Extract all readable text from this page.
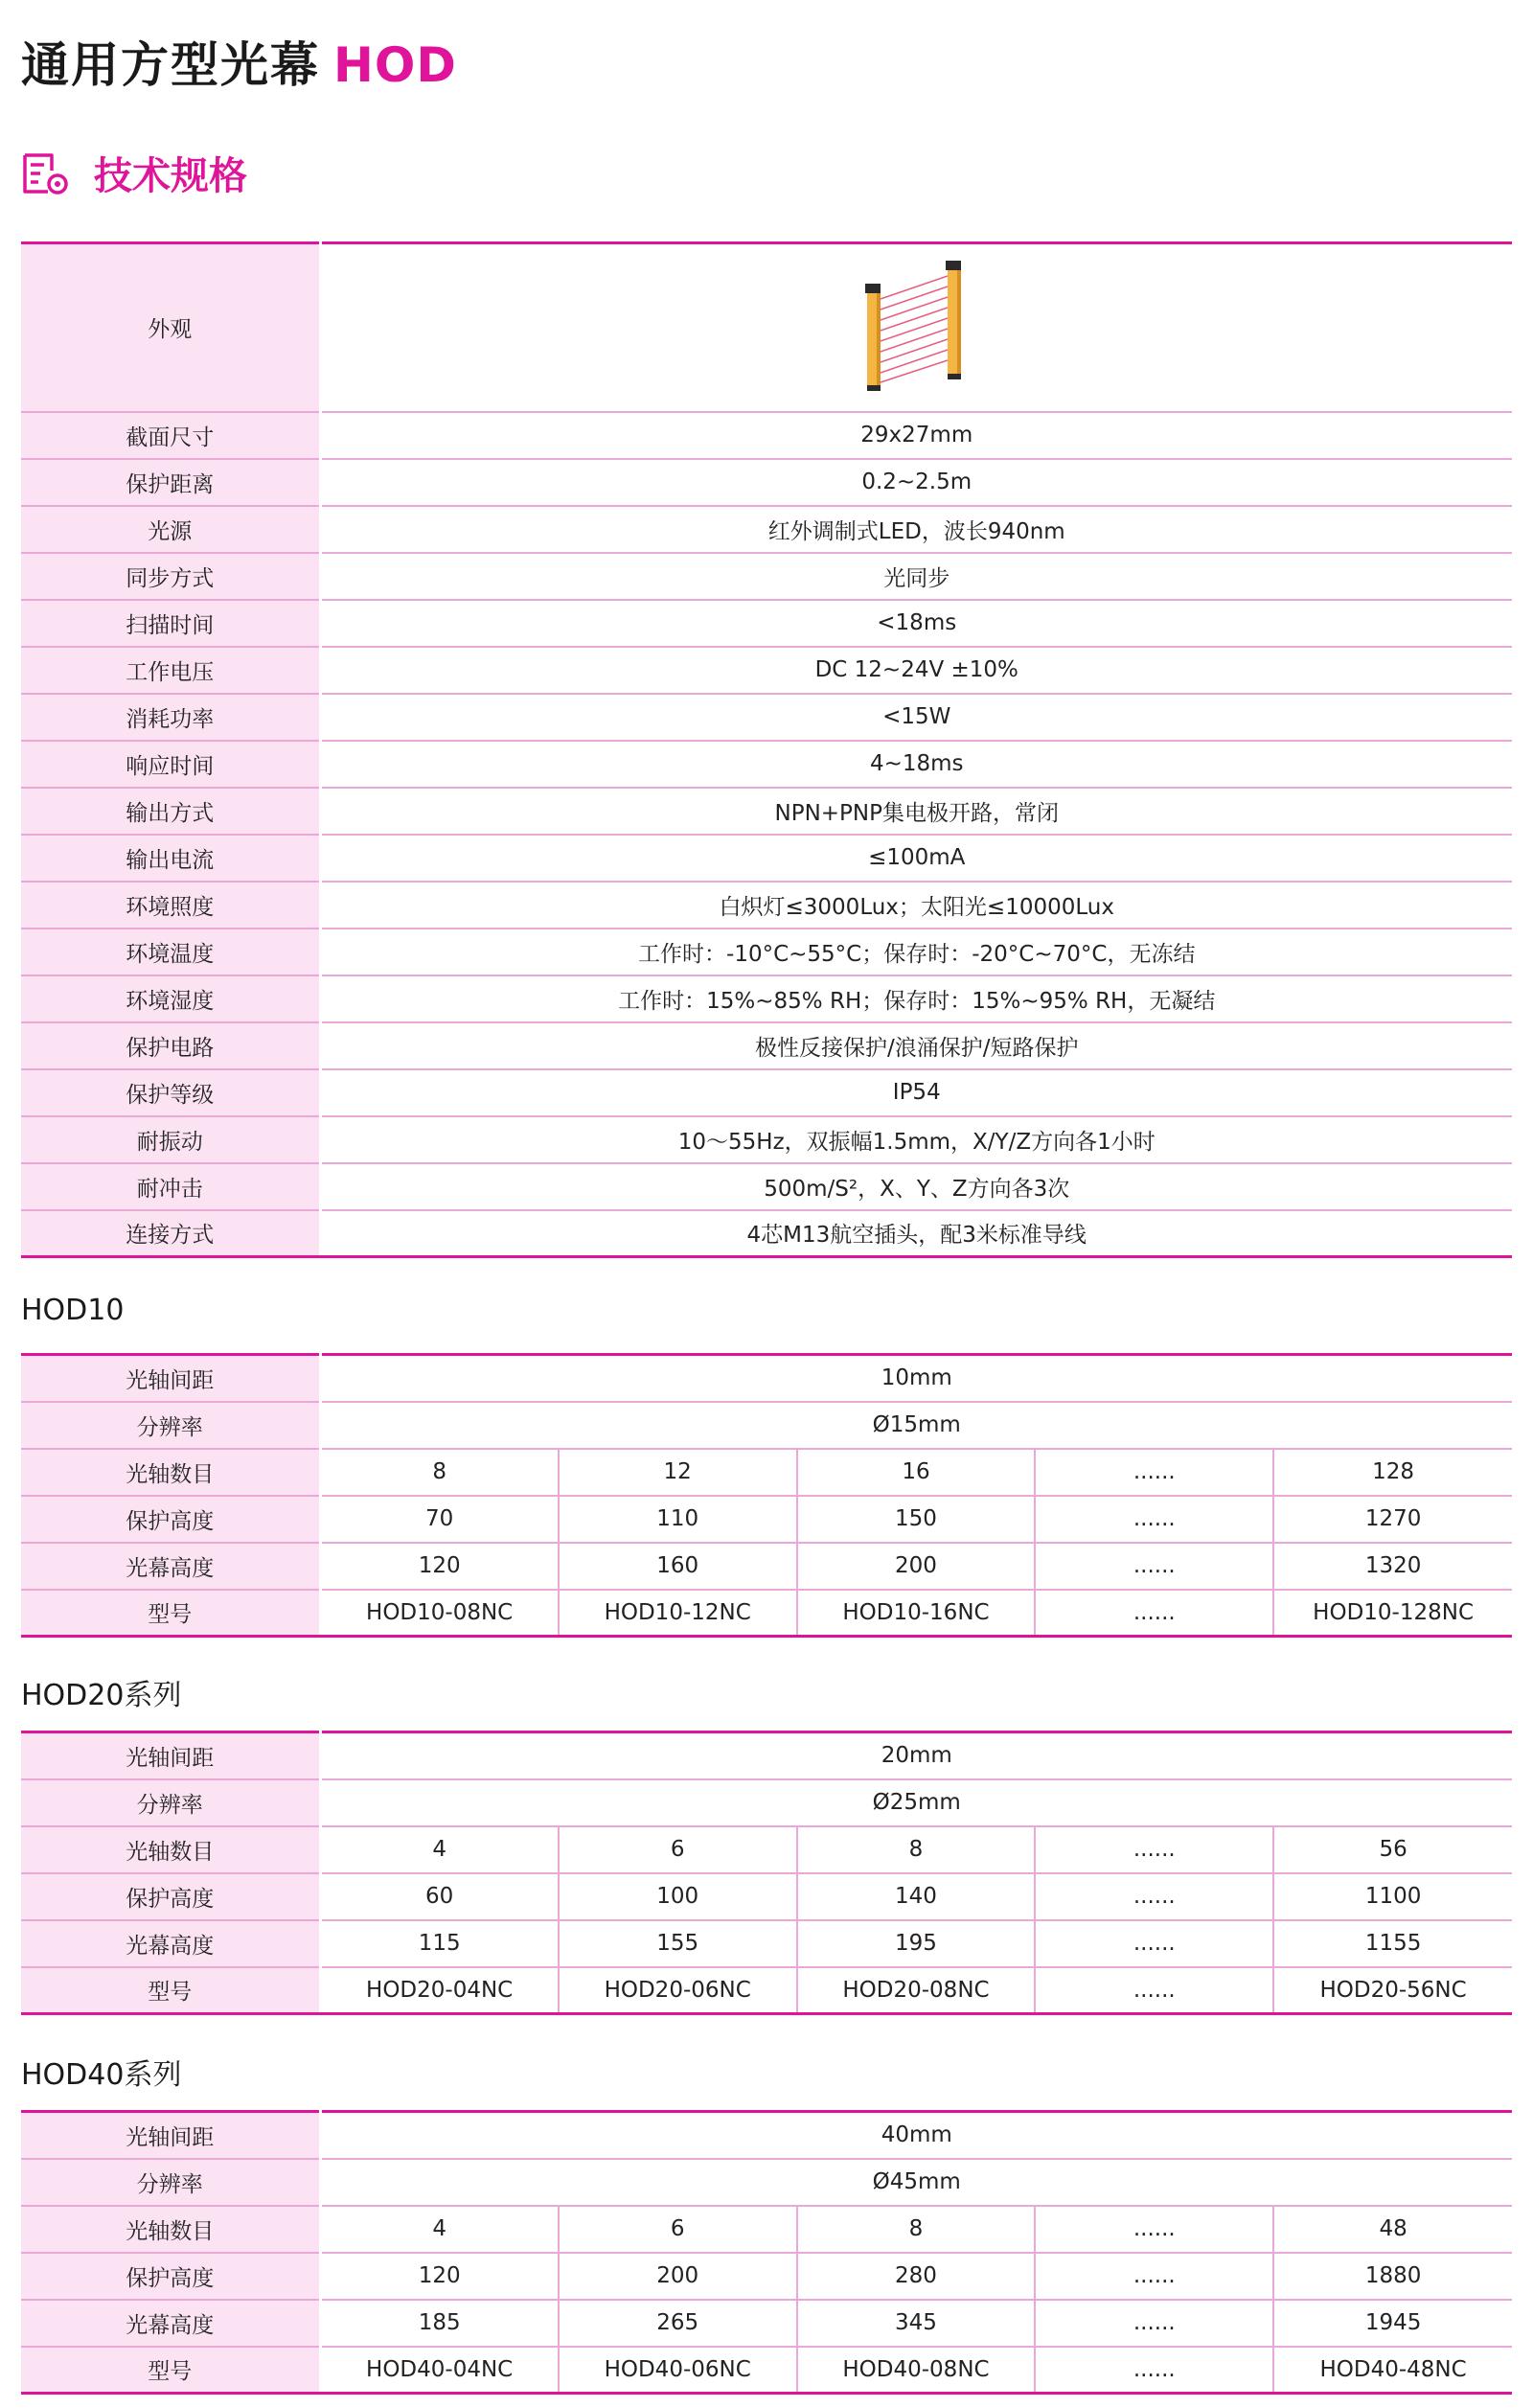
通用方型光幕 HOD
技术规格
外观	

截面尺寸	29x27mm
保护距离	0.2~2.5m
光源	红外调制式LED，波长940nm
同步方式	光同步
扫描时间	<18ms
工作电压	DC 12~24V ±10%
消耗功率	<15W
响应时间	4~18ms
输出方式	NPN+PNP集电极开路，常闭
输出电流	≤100mA
环境照度	白炽灯≤3000Lux；太阳光≤10000Lux
环境温度	工作时：-10°C~55°C；保存时：-20°C~70°C，无冻结
环境湿度	工作时：15%~85% RH；保存时：15%~95% RH，无凝结
保护电路	极性反接保护/浪涌保护/短路保护
保护等级	IP54
耐振动	10～55Hz，双振幅1.5mm，X/Y/Z方向各1小时
耐冲击	500m/S²，X、Y、Z方向各3次
连接方式	4芯M13航空插头，配3米标准导线
HOD10
光轴间距	10mm				
分辨率	Ø15mm				
光轴数目	8	12	16	......	128
保护高度	70	110	150	......	1270
光幕高度	120	160	200	......	1320
型号	HOD10-08NC	HOD10-12NC	HOD10-16NC	......	HOD10-128NC
HOD20系列
光轴间距	20mm				
分辨率	Ø25mm				
光轴数目	4	6	8	......	56
保护高度	60	100	140	......	1100
光幕高度	115	155	195	......	1155
型号	HOD20-04NC	HOD20-06NC	HOD20-08NC	......	HOD20-56NC
HOD40系列
光轴间距	40mm				
分辨率	Ø45mm				
光轴数目	4	6	8	......	48
保护高度	120	200	280	......	1880
光幕高度	185	265	345	......	1945
型号	HOD40-04NC	HOD40-06NC	HOD40-08NC	......	HOD40-48NC
